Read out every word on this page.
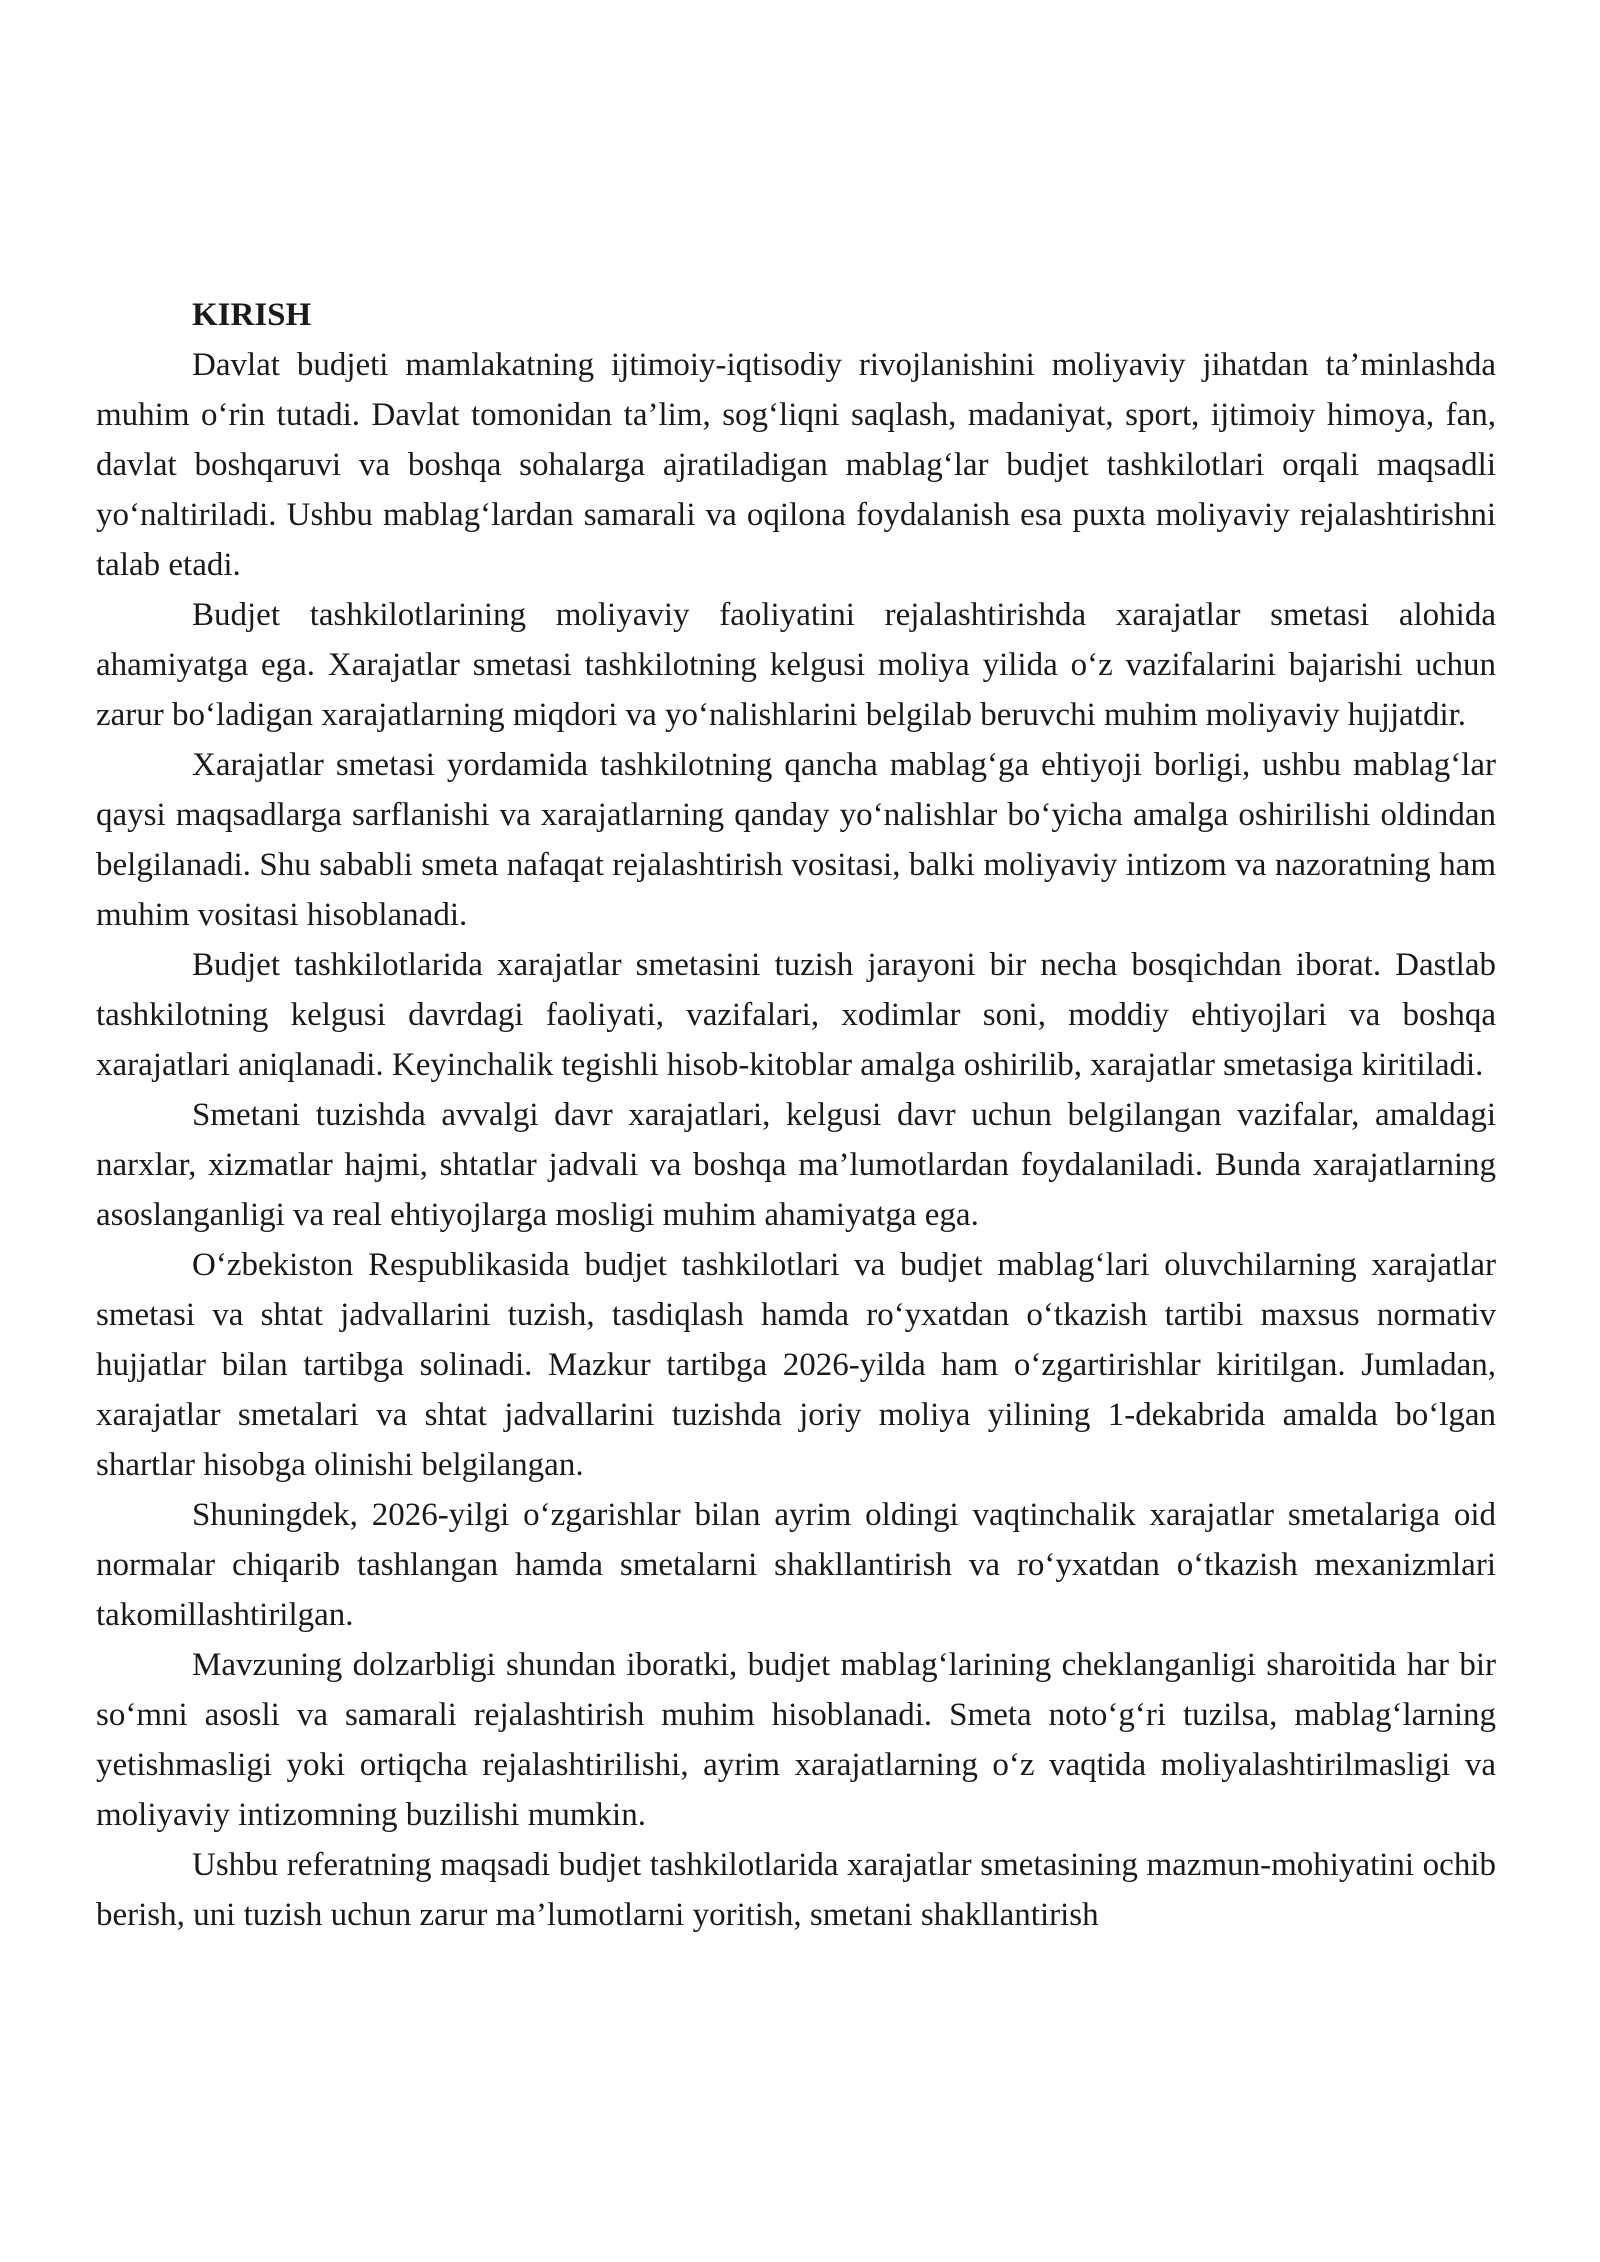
KIRISH

Davlat budjeti mamlakatning ijtimoiy-iqtisodiy rivojlanishini moliyaviy jihatdan ta’minlashda muhim o‘rin tutadi. Davlat tomonidan ta’lim, sog‘liqni saqlash, madaniyat, sport, ijtimoiy himoya, fan, davlat boshqaruvi va boshqa sohalarga ajratiladigan mablag‘lar budjet tashkilotlari orqali maqsadli yo‘naltiriladi. Ushbu mablag‘lardan samarali va oqilona foydalanish esa puxta moliyaviy rejalashtirishni talab etadi.

Budjet tashkilotlarining moliyaviy faoliyatini rejalashtirishda xarajatlar smetasi alohida ahamiyatga ega. Xarajatlar smetasi tashkilotning kelgusi moliya yilida o‘z vazifalarini bajarishi uchun zarur bo‘ladigan xarajatlarning miqdori va yo‘nalishlarini belgilab beruvchi muhim moliyaviy hujjatdir.

Xarajatlar smetasi yordamida tashkilotning qancha mablag‘ga ehtiyoji borligi, ushbu mablag‘lar qaysi maqsadlarga sarflanishi va xarajatlarning qanday yo‘nalishlar bo‘yicha amalga oshirilishi oldindan belgilanadi. Shu sababli smeta nafaqat rejalashtirish vositasi, balki moliyaviy intizom va nazoratning ham muhim vositasi hisoblanadi.

Budjet tashkilotlarida xarajatlar smetasini tuzish jarayoni bir necha bosqichdan iborat. Dastlab tashkilotning kelgusi davrdagi faoliyati, vazifalari, xodimlar soni, moddiy ehtiyojlari va boshqa xarajatlari aniqlanadi. Keyinchalik tegishli hisob-kitoblar amalga oshirilib, xarajatlar smetasiga kiritiladi.

Smetani tuzishda avvalgi davr xarajatlari, kelgusi davr uchun belgilangan vazifalar, amaldagi narxlar, xizmatlar hajmi, shtatlar jadvali va boshqa ma’lumotlardan foydalaniladi. Bunda xarajatlarning asoslanganligi va real ehtiyojlarga mosligi muhim ahamiyatga ega.

O‘zbekiston Respublikasida budjet tashkilotlari va budjet mablag‘lari oluvchilarning xarajatlar smetasi va shtat jadvallarini tuzish, tasdiqlash hamda ro‘yxatdan o‘tkazish tartibi maxsus normativ hujjatlar bilan tartibga solinadi. Mazkur tartibga 2026-yilda ham o‘zgartirishlar kiritilgan. Jumladan, xarajatlar smetalari va shtat jadvallarini tuzishda joriy moliya yilining 1-dekabrida amalda bo‘lgan shartlar hisobga olinishi belgilangan.

Shuningdek, 2026-yilgi o‘zgarishlar bilan ayrim oldingi vaqtinchalik xarajatlar smetalariga oid normalar chiqarib tashlangan hamda smetalarni shakllantirish va ro‘yxatdan o‘tkazish mexanizmlari takomillashtirilgan.

Mavzuning dolzarbligi shundan iboratki, budjet mablag‘larining cheklanganligi sharoitida har bir so‘mni asosli va samarali rejalashtirish muhim hisoblanadi. Smeta noto‘g‘ri tuzilsa, mablag‘larning yetishmasligi yoki ortiqcha rejalashtirilishi, ayrim xarajatlarning o‘z vaqtida moliyalashtirilmasligi va moliyaviy intizomning buzilishi mumkin.

Ushbu referatning maqsadi budjet tashkilotlarida xarajatlar smetasining mazmun-mohiyatini ochib berish, uni tuzish uchun zarur ma’lumotlarni yoritish, smetani shakllantirish
